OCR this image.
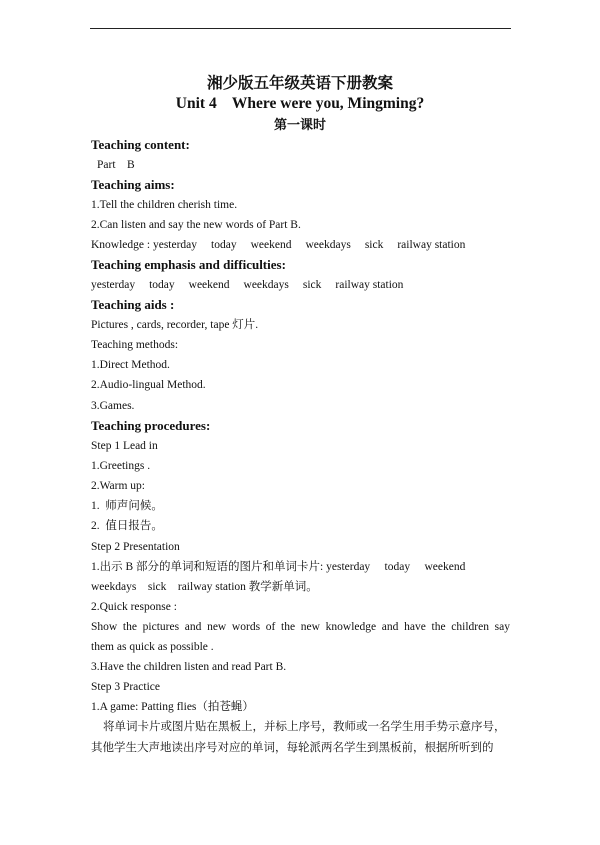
湘少版五年级英语下册教案
Unit 4    Where were you, Mingming?
第一课时
Teaching content:
Part    B
Teaching aims:
1.Tell the children cherish time.
2.Can listen and say the new words of Part B.
Knowledge : yesterday today weekend weekdays sick railway station
Teaching emphasis and difficulties:
yesterday today weekend weekdays sick railway station
Teaching aids :
Pictures , cards, recorder, tape 灯片.
Teaching methods:
1.Direct Method.
2.Audio-lingual Method.
3.Games.
Teaching procedures:
Step 1 Lead in
1.Greetings .
2.Warm up:
1.  师声问候。
2.  值日报告。
Step 2 Presentation
1.出示 B 部分的单词和短语的图片和单词卡片: yesterday     today     weekend
weekdays    sick    railway station 教学新单词。
2.Quick response :
Show the pictures and new words of the new knowledge and have the children say
them as quick as possible .
3.Have the children listen and read Part B.
Step 3 Practice
1.A game: Patting flies（拍苍蝇）
将单词卡片或图片贴在黑板上，并标上序号，教师或一名学生用手势示意序号，
其他学生大声地读出序号对应的单词，每轮派两名学生到黑板前，根据所听到的
